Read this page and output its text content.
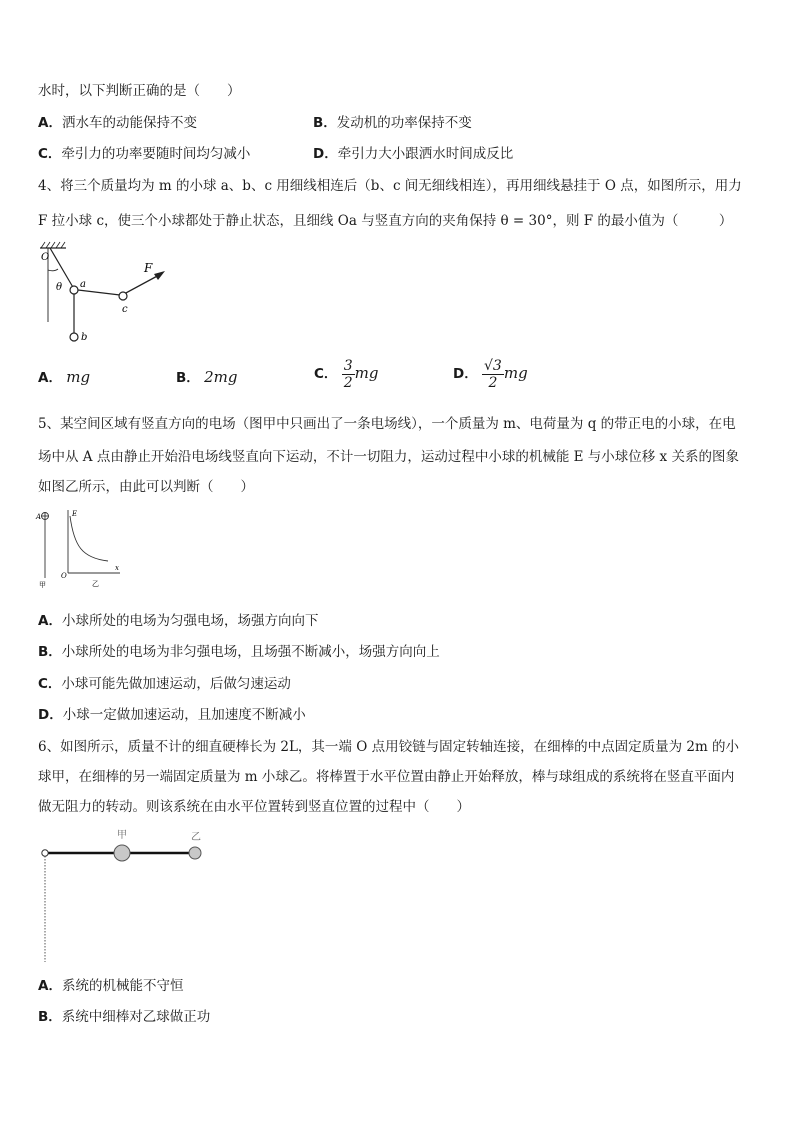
水时，以下判断正确的是（　　）
A．洒水车的动能保持不变	B．发动机的功率保持不变
C．牵引力的功率要随时间均匀减小	D．牵引力大小跟洒水时间成反比
4、将三个质量均为 m 的小球 a、b、c 用细线相连后（b、c 间无细线相连），再用细线悬挂于 O 点，如图所示，用力
F 拉小球 c，使三个小球都处于静止状态，且细线 Oa 与竖直方向的夹角保持 θ = 30°，则 F 的最小值为（　　　）
O
θ a
b
c
F
A． mg	B． 2mg	C． $\frac{3}{2}$ mg	D． $\frac{√3}{2}$ mg
5、某空间区域有竖直方向的电场（图甲中只画出了一条电场线），一个质量为 m、电荷量为 q 的带正电的小球，在电
场中从 A 点由静止开始沿电场线竖直向下运动，不计一切阻力，运动过程中小球的机械能 E 与小球位移 x 关系的图象
如图乙所示，由此可以判断（　　）
A
甲
E
O
x
乙
A．小球所处的电场为匀强电场，场强方向向下
B．小球所处的电场为非匀强电场，且场强不断减小，场强方向向上
C．小球可能先做加速运动，后做匀速运动
D．小球一定做加速运动，且加速度不断减小
6、如图所示，质量不计的细直硬棒长为 2L，其一端 O 点用铰链与固定转轴连接，在细棒的中点固定质量为 2m 的小
球甲，在细棒的另一端固定质量为 m 小球乙。将棒置于水平位置由静止开始释放，棒与球组成的系统将在竖直平面内
做无阻力的转动。则该系统在由水平位置转到竖直位置的过程中（　　）
甲	乙
A．系统的机械能不守恒
B．系统中细棒对乙球做正功
